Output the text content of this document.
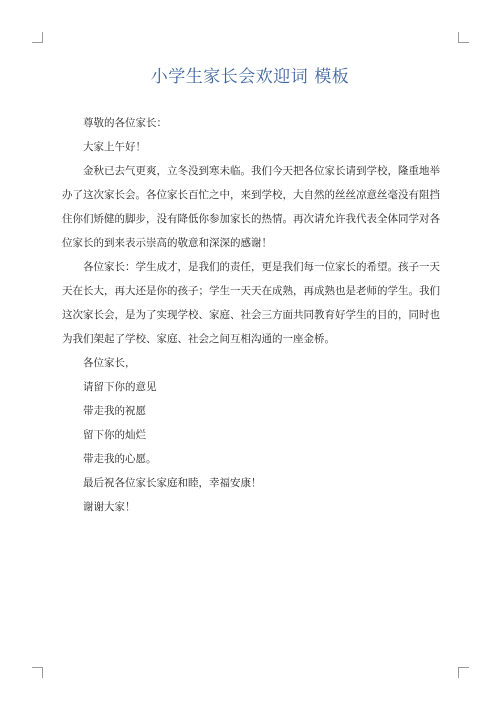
小学生家长会欢迎词 模板

尊敬的各位家长：

大家上午好！

金秋已去气更爽，立冬没到寒未临。我们今天把各位家长请到学校，隆重地举办了这次家长会。各位家长百忙之中，来到学校，大自然的丝丝凉意丝毫没有阻挡住你们矫健的脚步，没有降低你参加家长的热情。再次请允许我代表全体同学对各位家长的到来表示崇高的敬意和深深的感谢！

各位家长：学生成才，是我们的责任，更是我们每一位家长的希望。孩子一天天在长大，再大还是你的孩子；学生一天天在成熟，再成熟也是老师的学生。我们这次家长会，是为了实现学校、家庭、社会三方面共同教育好学生的目的，同时也为我们架起了学校、家庭、社会之间互相沟通的一座金桥。

各位家长，

请留下你的意见

带走我的祝愿

留下你的灿烂

带走我的心愿。

最后祝各位家长家庭和睦，幸福安康！

谢谢大家！
